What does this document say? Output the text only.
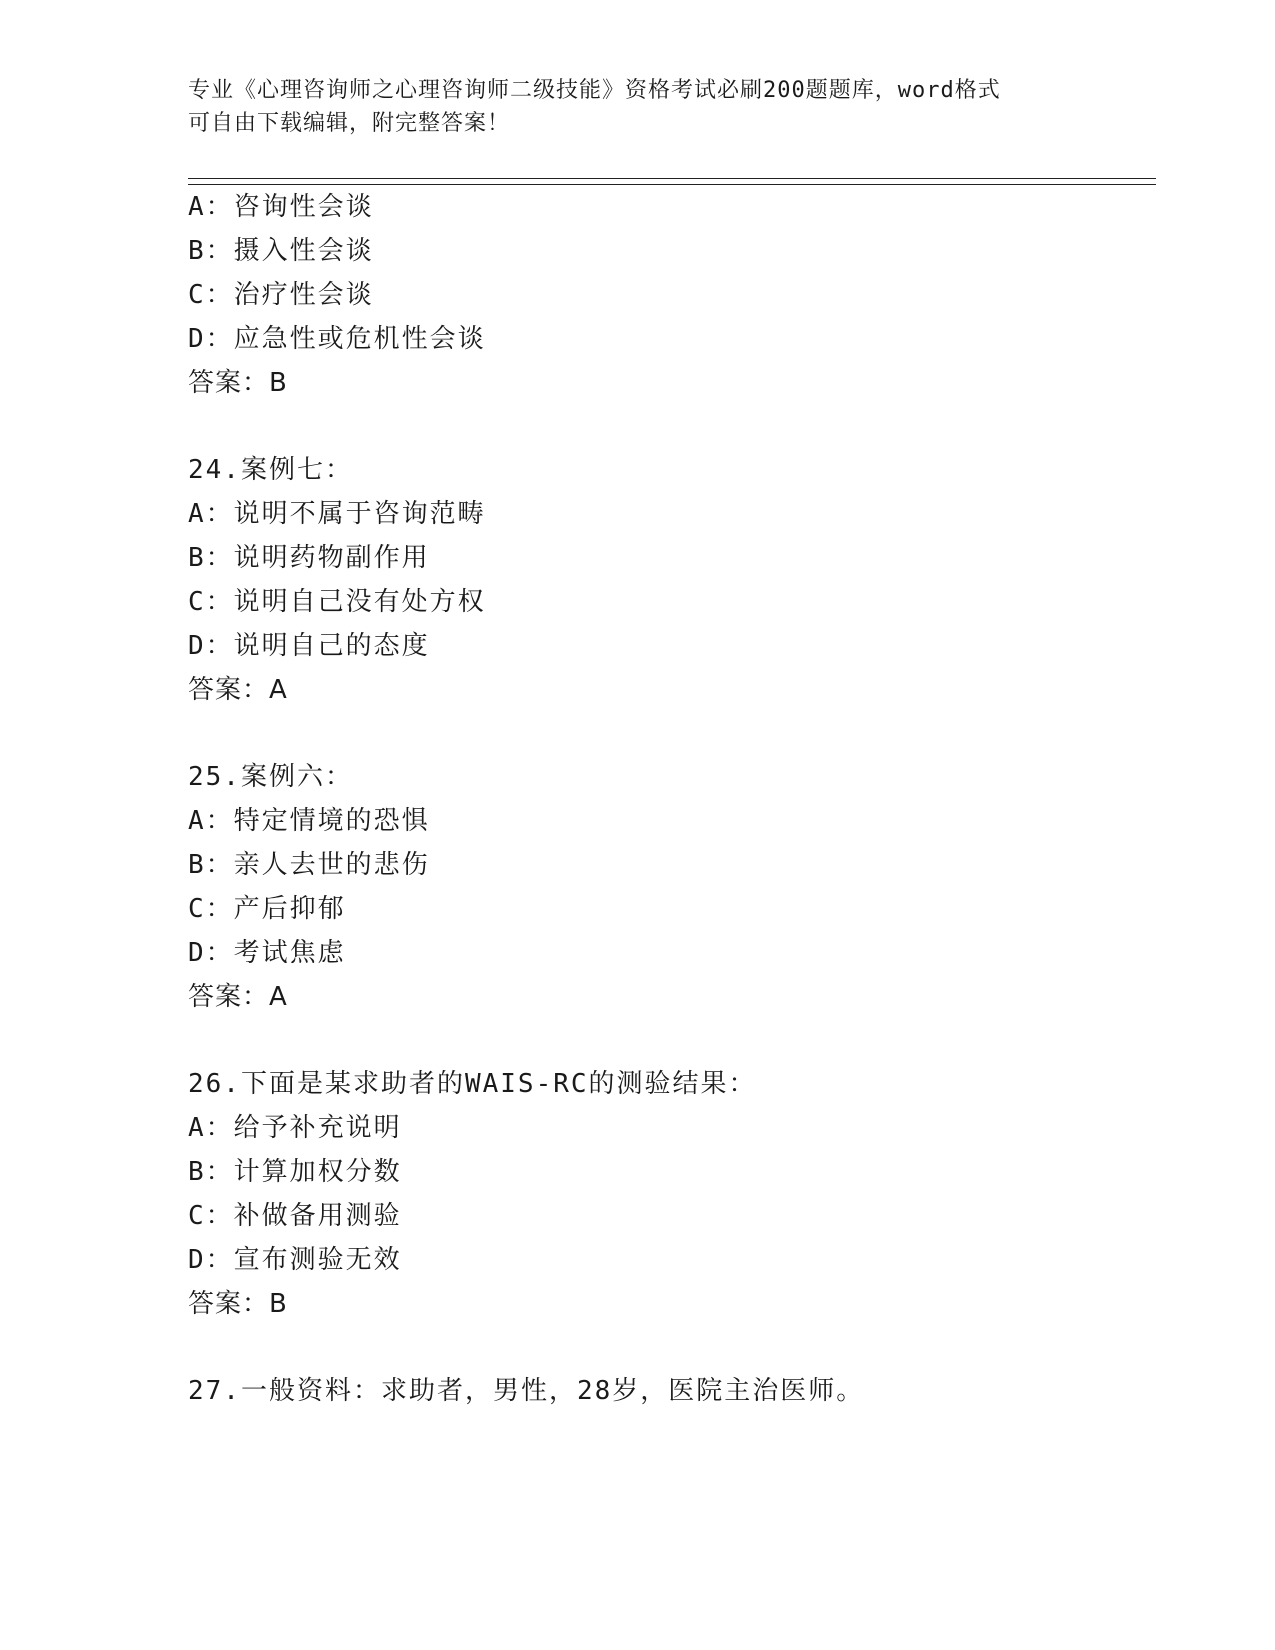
专业《心理咨询师之心理咨询师二级技能》资格考试必刷200题题库，word格式
可自由下载编辑，附完整答案！
A：咨询性会谈
B：摄入性会谈
C：治疗性会谈
D：应急性或危机性会谈
答案：B
24.案例七：
A：说明不属于咨询范畴
B：说明药物副作用
C：说明自己没有处方权
D：说明自己的态度
答案：A
25.案例六：
A：特定情境的恐惧
B：亲人去世的悲伤
C：产后抑郁
D：考试焦虑
答案：A
26.下面是某求助者的WAIS-RC的测验结果：
A：给予补充说明
B：计算加权分数
C：补做备用测验
D：宣布测验无效
答案：B
27.一般资料：求助者，男性，28岁，医院主治医师。
